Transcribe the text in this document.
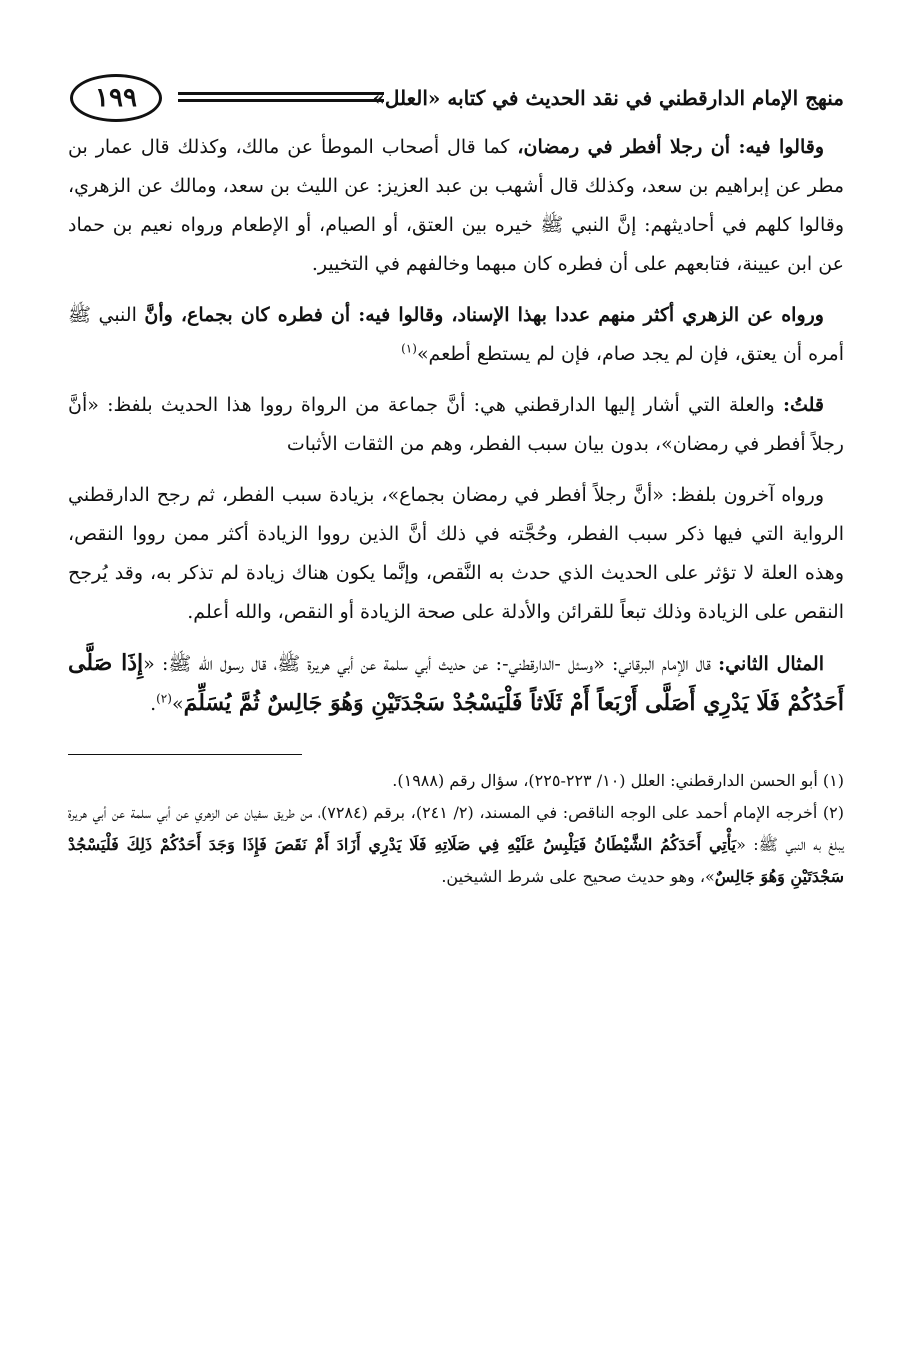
منهج الإمام الدارقطني في نقد الحديث في كتابه «العلل»
١٩٩

وقالوا فيه: أن رجلا أفطر في رمضان، كما قال أصحاب الموطأ عن مالك، وكذلك قال عمار بن مطر عن إبراهيم بن سعد، وكذلك قال أشهب بن عبد العزيز: عن الليث بن سعد، ومالك عن الزهري، وقالوا كلهم في أحاديثهم: إنَّ النبي ﷺ خيره بين العتق، أو الصيام، أو الإطعام ورواه نعيم بن حماد عن ابن عيينة، فتابعهم على أن فطره كان مبهما وخالفهم في التخيير.

ورواه عن الزهري أكثر منهم عددا بهذا الإسناد، وقالوا فيه: أن فطره كان بجماع، وأنَّ النبي ﷺ أمره أن يعتق، فإن لم يجد صام، فإن لم يستطع أطعم»$^{(١)}$

قلتُ: والعلة التي أشار إليها الدارقطني هي: أنَّ جماعة من الرواة رووا هذا الحديث بلفظ: «أنَّ رجلاً أفطر في رمضان»، بدون بيان سبب الفطر، وهم من الثقات الأثبات

ورواه آخرون بلفظ: «أنَّ رجلاً أفطر في رمضان بجماع»، بزيادة سبب الفطر، ثم رجح الدارقطني الرواية التي فيها ذكر سبب الفطر، وحُجَّته في ذلك أنَّ الذين رووا الزيادة أكثر ممن رووا النقص، وهذه العلة لا تؤثر على الحديث الذي حدث به النَّقص، وإنَّما يكون هناك زيادة لم تذكر به، وقد يُرجح النقص على الزيادة وذلك تبعاً للقرائن والأدلة على صحة الزيادة أو النقص، والله أعلم.

المثال الثاني: قال الإمام البرقاني: «وسئل -الدارقطني-: عن حديث أبي سلمة عن أبي هريرة ﷺ، قال رسول الله ﷺ: «إِذَا صَلَّى أَحَدُكُمْ فَلَا يَدْرِي أَصَلَّى أَرْبَعاً أَمْ ثَلَاثاً فَلْيَسْجُدْ سَجْدَتَيْنِ وَهُوَ جَالِسٌ ثُمَّ يُسَلِّمَ»$^{(٢)}$.

(١) أبو الحسن الدارقطني: العلل (١٠/ ٢٢٣-٢٢٥)، سؤال رقم (١٩٨٨).

(٢) أخرجه الإمام أحمد على الوجه الناقص: في المسند، (٢/ ٢٤١)، برقم (٧٢٨٤)، من طريق سفيان عن الزهري عن أبي سلمة عن أبي هريرة يبلغ به النبي ﷺ: «يَأْتِي أَحَدَكُمُ الشَّيْطَانُ فَيَلْبِسُ عَلَيْهِ فِي صَلَاتِهِ فَلَا يَدْرِي أَزَادَ أَمْ نَقَصَ فَإِذَا وَجَدَ أَحَدُكُمْ ذَلِكَ فَلْيَسْجُدْ سَجْدَتَيْنِ وَهُوَ جَالِسٌ»، وهو حديث صحيح على شرط الشيخين.
